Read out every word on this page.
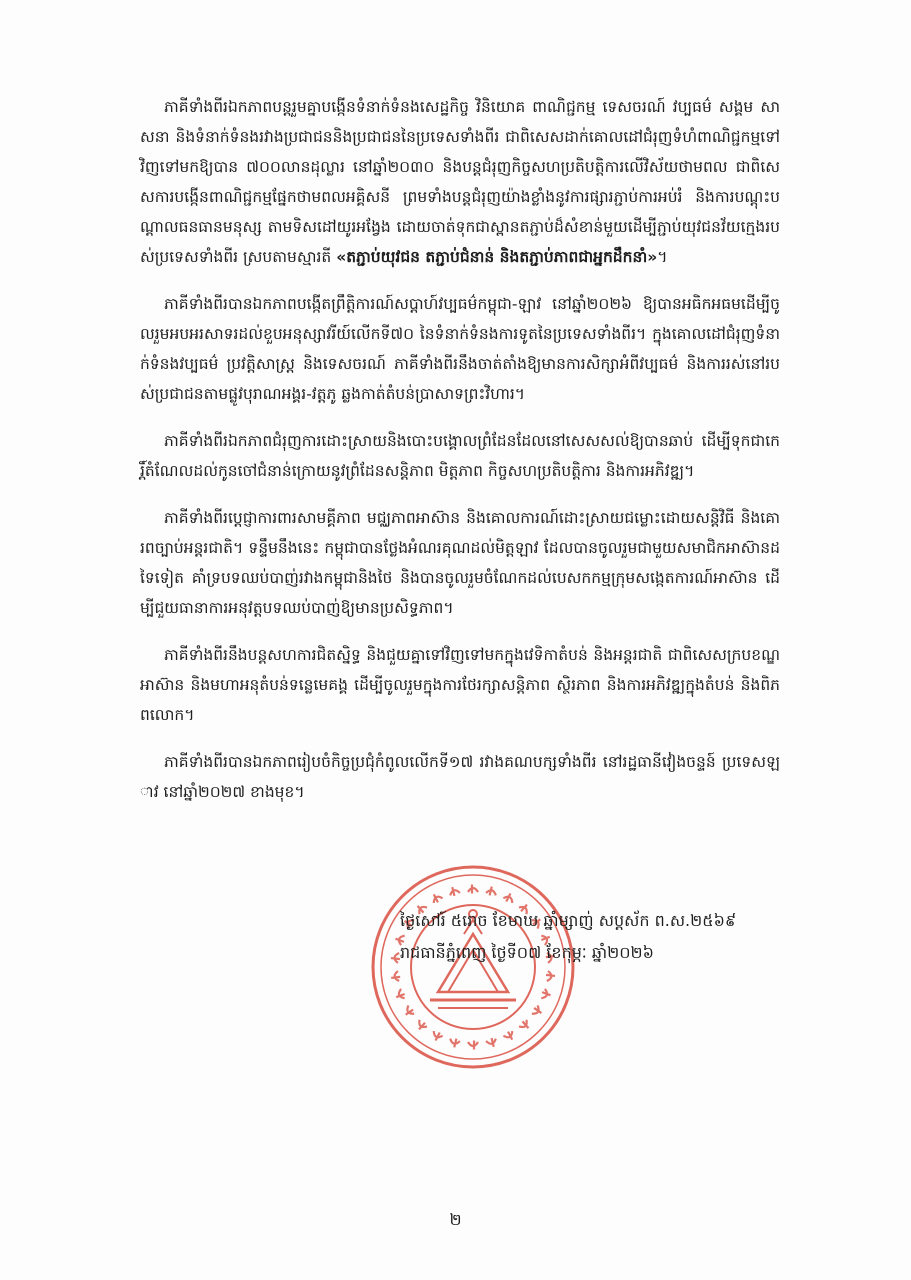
ភាគីទាំងពីរឯកភាពបន្តរួមគ្នាបង្កើនទំនាក់ទំនងសេដ្ឋកិច្ច វិនិយោគ ពាណិជ្ជកម្ម ទេសចរណ៍ វប្បធម៌ សង្គម សាសនា និងទំនាក់ទំនងរវាងប្រជាជននិងប្រជាជននៃប្រទេសទាំងពីរ ជាពិសេសដាក់គោលដៅជំរុញទំហំពាណិជ្ជកម្មទៅវិញទៅមកឱ្យបាន ៧០០លានដុល្លារ នៅឆ្នាំ២០៣០ និងបន្តជំរុញកិច្ចសហប្រតិបត្តិការលើវិស័យថាមពល ជាពិសេសការបង្កើនពាណិជ្ជកម្មផ្នែកថាមពលអគ្គិសនី ព្រមទាំងបន្តជំរុញយ៉ាងខ្លាំងនូវការផ្សារភ្ជាប់ការអប់រំ និងការបណ្តុះបណ្តាលធនធានមនុស្ស តាមទិសដៅយូរអង្វែង ដោយចាត់ទុកជាស្ពានតភ្ជាប់ដ៏សំខាន់មួយដើម្បីភ្ជាប់យុវជនវ័យក្មេងរបស់ប្រទេសទាំងពីរ ស្របតាមស្មារតី «តភ្ជាប់យុវជន តភ្ជាប់ជំនាន់ និងតភ្ជាប់ភាពជាអ្នកដឹកនាំ»។

ភាគីទាំងពីរបានឯកភាពបង្កើតព្រឹត្តិការណ៍សប្តាហ៍វប្បធម៌កម្ពុជា-ឡាវ នៅឆ្នាំ២០២៦ ឱ្យបានអធិកអធមដើម្បីចូលរួមអបអរសាទរដល់ខួបអនុស្សាវរីយ៍លើកទី៧០ នៃទំនាក់ទំនងការទូតនៃប្រទេសទាំងពីរ។ ក្នុងគោលដៅជំរុញទំនាក់ទំនងវប្បធម៌ ប្រវត្តិសាស្ត្រ និងទេសចរណ៍ ភាគីទាំងពីរនឹងចាត់តាំងឱ្យមានការសិក្សាអំពីវប្បធម៌ និងការរស់នៅរបស់ប្រជាជនតាមផ្លូវបុរាណអង្គរ-វត្តភូ ឆ្លងកាត់តំបន់ប្រាសាទព្រះវិហារ។

ភាគីទាំងពីរឯកភាពជំរុញការដោះស្រាយនិងបោះបង្គោលព្រំដែនដែលនៅសេសសល់ឱ្យបានឆាប់ ដើម្បីទុកជាកេរ្តិ៍តំណែលដល់កូនចៅជំនាន់ក្រោយនូវព្រំដែនសន្តិភាព មិត្តភាព កិច្ចសហប្រតិបត្តិការ និងការអភិវឌ្ឍ។

ភាគីទាំងពីរប្តេជ្ញាការពារសាមគ្គីភាព មជ្ឈភាពអាស៊ាន និងគោលការណ៍ដោះស្រាយជម្លោះដោយសន្តិវិធី និងគោរពច្បាប់អន្តរជាតិ។ ទន្ទឹមនឹងនេះ កម្ពុជាបានថ្លែងអំណរគុណដល់មិត្តឡាវ ដែលបានចូលរួមជាមួយសមាជិកអាស៊ានដទៃទៀត គាំទ្របទឈប់បាញ់រវាងកម្ពុជានិងថៃ និងបានចូលរួមចំណែកដល់បេសកកម្មក្រុមសង្កេតការណ៍អាស៊ាន ដើម្បីជួយធានាការអនុវត្តបទឈប់បាញ់ឱ្យមានប្រសិទ្ធភាព។

ភាគីទាំងពីរនឹងបន្តសហការជិតស្និទ្ធ និងជួយគ្នាទៅវិញទៅមកក្នុងវេទិកាតំបន់ និងអន្តរជាតិ ជាពិសេសក្របខណ្ឌអាស៊ាន និងមហាអនុតំបន់ទន្លេមេគង្គ ដើម្បីចូលរួមក្នុងការថែរក្សាសន្តិភាព ស្ថិរភាព និងការអភិវឌ្ឍក្នុងតំបន់ និងពិភពលោក។

ភាគីទាំងពីរបានឯកភាពរៀបចំកិច្ចប្រជុំកំពូលលើកទី១៧ រវាងគណបក្សទាំងពីរ នៅរដ្ឋធានីវៀងចន្ទន៍ ប្រទេសឡាវ នៅឆ្នាំ២០២៧ ខាងមុខ។

ថ្ងៃសៅរ៍ ៥រោច ខែមាឃ ឆ្នាំម្សាញ់ សប្តស័ក ព.ស.២៥៦៩
រាជធានីភ្នំពេញ ថ្ងៃទី០៧ ខែកុម្ភៈ ឆ្នាំ២០២៦
២
